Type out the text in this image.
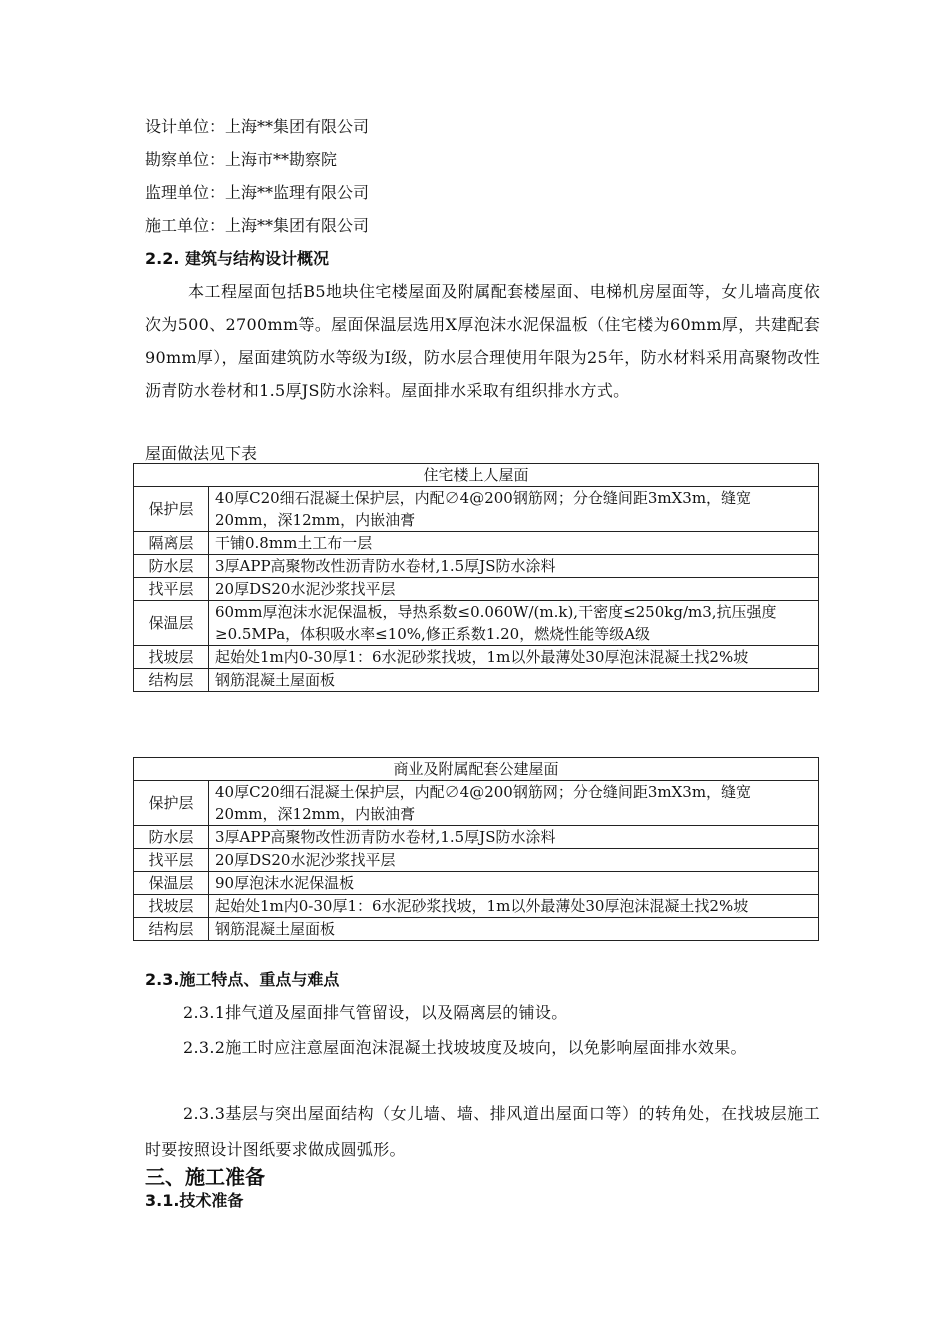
设计单位：上海**集团有限公司
勘察单位：上海市**勘察院
监理单位：上海**监理有限公司
施工单位：上海**集团有限公司
2.2. 建筑与结构设计概况
本工程屋面包括B5地块住宅楼屋面及附属配套楼屋面、电梯机房屋面等，女儿墙高度依次为500、2700mm等。屋面保温层选用X厚泡沫水泥保温板（住宅楼为60mm厚，共建配套90mm厚），屋面建筑防水等级为Ⅰ级，防水层合理使用年限为25年，防水材料采用高聚物改性沥青防水卷材和1.5厚JS防水涂料。屋面排水采取有组织排水方式。
屋面做法见下表
住宅楼上人屋面	
保护层	40厚C20细石混凝土保护层，内配∅4@200钢筋网；分仓缝间距3mX3m，缝宽20mm，深12mm，内嵌油膏
隔离层	干铺0.8mm土工布一层
防水层	3厚APP高聚物改性沥青防水卷材,1.5厚JS防水涂料
找平层	20厚DS20水泥沙浆找平层
保温层	60mm厚泡沫水泥保温板，导热系数≤0.060W/(m.k),干密度≤250kg/m3,抗压强度≥0.5MPa，体积吸水率≤10%,修正系数1.20，燃烧性能等级A级
找坡层	起始处1m内0-30厚1：6水泥砂浆找坡，1m以外最薄处30厚泡沫混凝土找2%坡
结构层	钢筋混凝土屋面板
商业及附属配套公建屋面	
保护层	40厚C20细石混凝土保护层，内配∅4@200钢筋网；分仓缝间距3mX3m，缝宽20mm，深12mm，内嵌油膏
防水层	3厚APP高聚物改性沥青防水卷材,1.5厚JS防水涂料
找平层	20厚DS20水泥沙浆找平层
保温层	90厚泡沫水泥保温板
找坡层	起始处1m内0-30厚1：6水泥砂浆找坡，1m以外最薄处30厚泡沫混凝土找2%坡
结构层	钢筋混凝土屋面板
2.3.施工特点、重点与难点
2.3.1排气道及屋面排气管留设，以及隔离层的铺设。
2.3.2施工时应注意屋面泡沫混凝土找坡坡度及坡向，以免影响屋面排水效果。
2.3.3基层与突出屋面结构（女儿墙、墙、排风道出屋面口等）的转角处，在找坡层施工时要按照设计图纸要求做成圆弧形。
三、施工准备
3.1.技术准备
